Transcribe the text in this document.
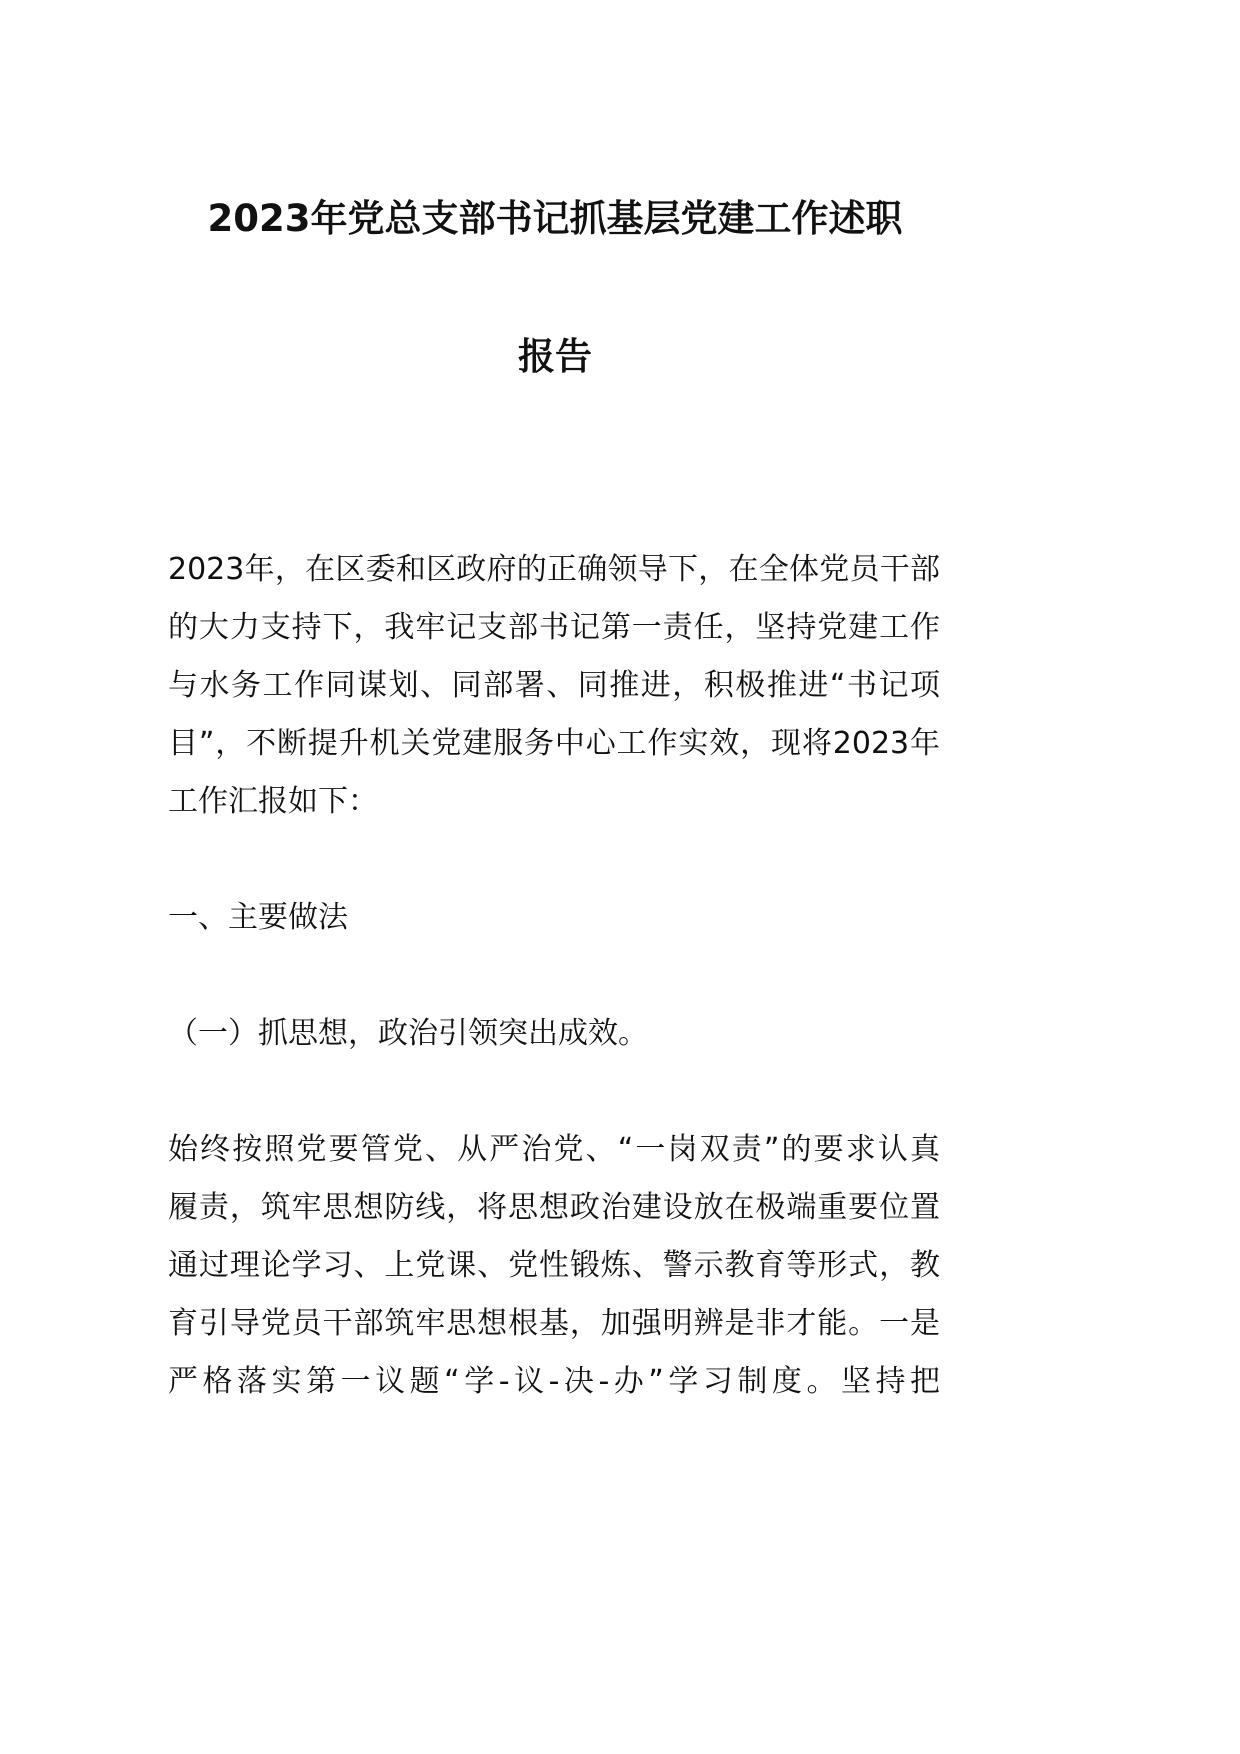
2023年党总支部书记抓基层党建工作述职
报告
2023年，在区委和区政府的正确领导下，在全体党员干部
的大力支持下，我牢记支部书记第一责任，坚持党建工作
与水务工作同谋划、同部署、同推进，积极推进“书记项
目”，不断提升机关党建服务中心工作实效，现将2023年
工作汇报如下：
一、主要做法
（一）抓思想，政治引领突出成效。
始终按照党要管党、从严治党、“一岗双责”的要求认真
履责，筑牢思想防线，将思想政治建设放在极端重要位置
通过理论学习、上党课、党性锻炼、警示教育等形式，教
育引导党员干部筑牢思想根基，加强明辨是非才能。一是
严格落实第一议题“学-议-决-办”学习制度。坚持把
